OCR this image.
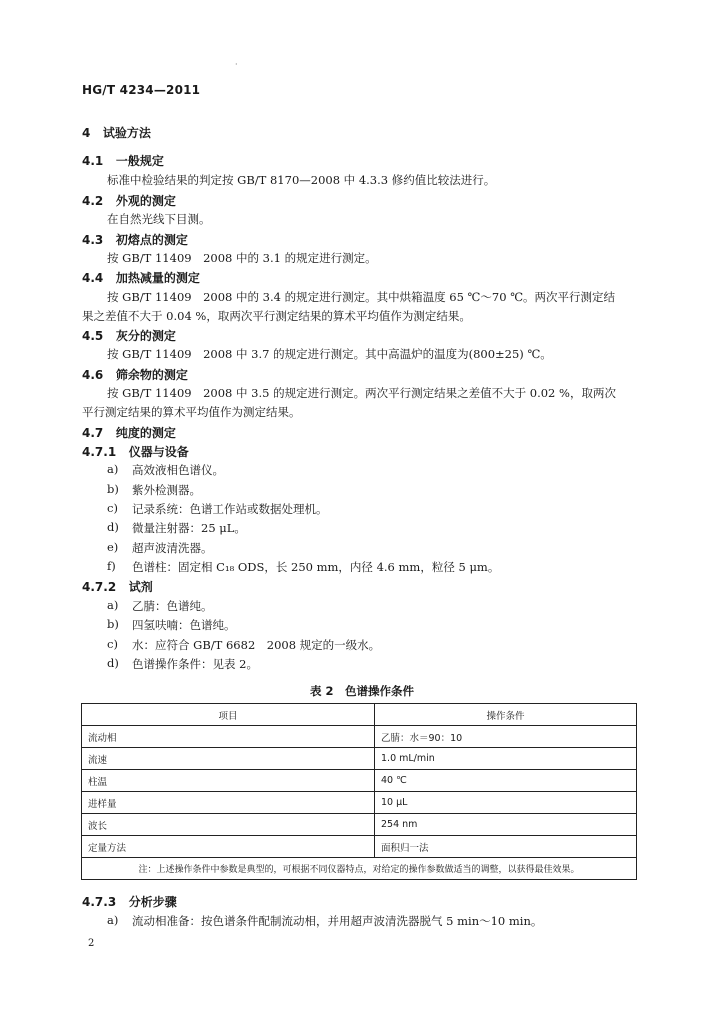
·
HG/T 4234—2011
4 试验方法
4.1 一般规定
标准中检验结果的判定按 GB/T 8170—2008 中 4.3.3 修约值比较法进行。
4.2 外观的测定
在自然光线下目测。
4.3 初熔点的测定
按 GB/T 11409　2008 中的 3.1 的规定进行测定。
4.4 加热减量的测定
按 GB/T 11409　2008 中的 3.4 的规定进行测定。其中烘箱温度 65 ℃～70 ℃。两次平行测定结
果之差值不大于 0.04 %，取两次平行测定结果的算术平均值作为测定结果。
4.5 灰分的测定
按 GB/T 11409　2008 中 3.7 的规定进行测定。其中高温炉的温度为(800±25) ℃。
4.6 筛余物的测定
按 GB/T 11409　2008 中 3.5 的规定进行测定。两次平行测定结果之差值不大于 0.02 %，取两次
平行测定结果的算术平均值作为测定结果。
4.7 纯度的测定
4.7.1 仪器与设备
a) 高效液相色谱仪。
b) 紫外检测器。
c) 记录系统：色谱工作站或数据处理机。
d) 微量注射器：25 μL。
e) 超声波清洗器。
f) 色谱柱：固定相 C₁₈ ODS，长 250 mm，内径 4.6 mm，粒径 5 μm。
4.7.2 试剂
a) 乙腈：色谱纯。
b) 四氢呋喃：色谱纯。
c) 水：应符合 GB/T 6682　2008 规定的一级水。
d) 色谱操作条件：见表 2。
表 2　色谱操作条件
项目	操作条件
流动相	乙腈：水＝90：10
流速	1.0 mL/min
柱温	40 ℃
进样量	10 μL
波长	254 nm
定量方法	面积归一法
注：上述操作条件中参数是典型的，可根据不同仪器特点，对给定的操作参数做适当的调整，以获得最佳效果。	
4.7.3 分析步骤
a) 流动相准备：按色谱条件配制流动相，并用超声波清洗器脱气 5 min～10 min。
2
